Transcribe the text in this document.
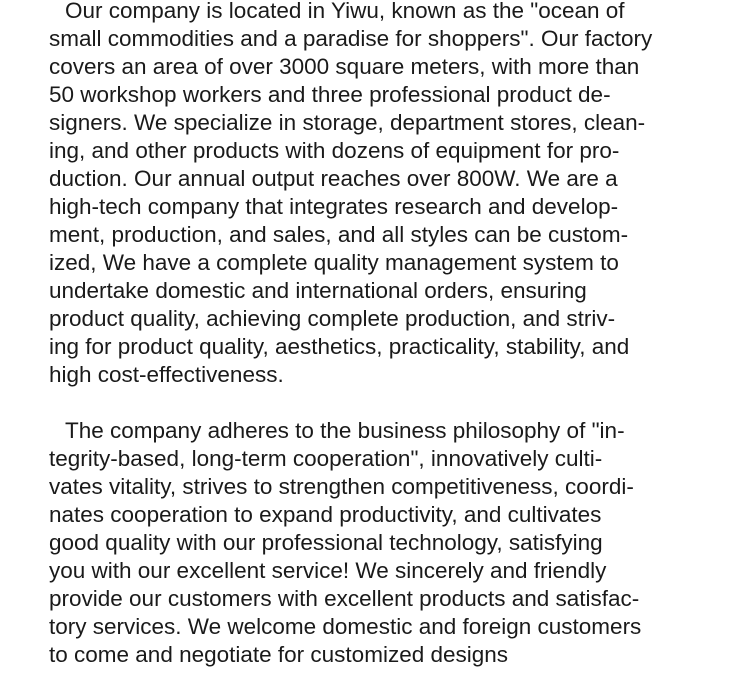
Our company is located in Yiwu, known as the "ocean of
small commodities and a paradise for shoppers". Our factory
covers an area of over 3000 square meters, with more than
50 workshop workers and three professional product de-
signers. We specialize in storage, department stores, clean-
ing, and other products with dozens of equipment for pro-
duction. Our annual output reaches over 800W. We are a
high-tech company that integrates research and develop-
ment, production, and sales, and all styles can be custom-
ized, We have a complete quality management system to
undertake domestic and international orders, ensuring
product quality, achieving complete production, and striv-
ing for product quality, aesthetics, practicality, stability, and
high cost-effectiveness.

The company adheres to the business philosophy of "in-
tegrity-based, long-term cooperation", innovatively culti-
vates vitality, strives to strengthen competitiveness, coordi-
nates cooperation to expand productivity, and cultivates
good quality with our professional technology, satisfying
you with our excellent service! We sincerely and friendly
provide our customers with excellent products and satisfac-
tory services. We welcome domestic and foreign customers
to come and negotiate for customized designs
